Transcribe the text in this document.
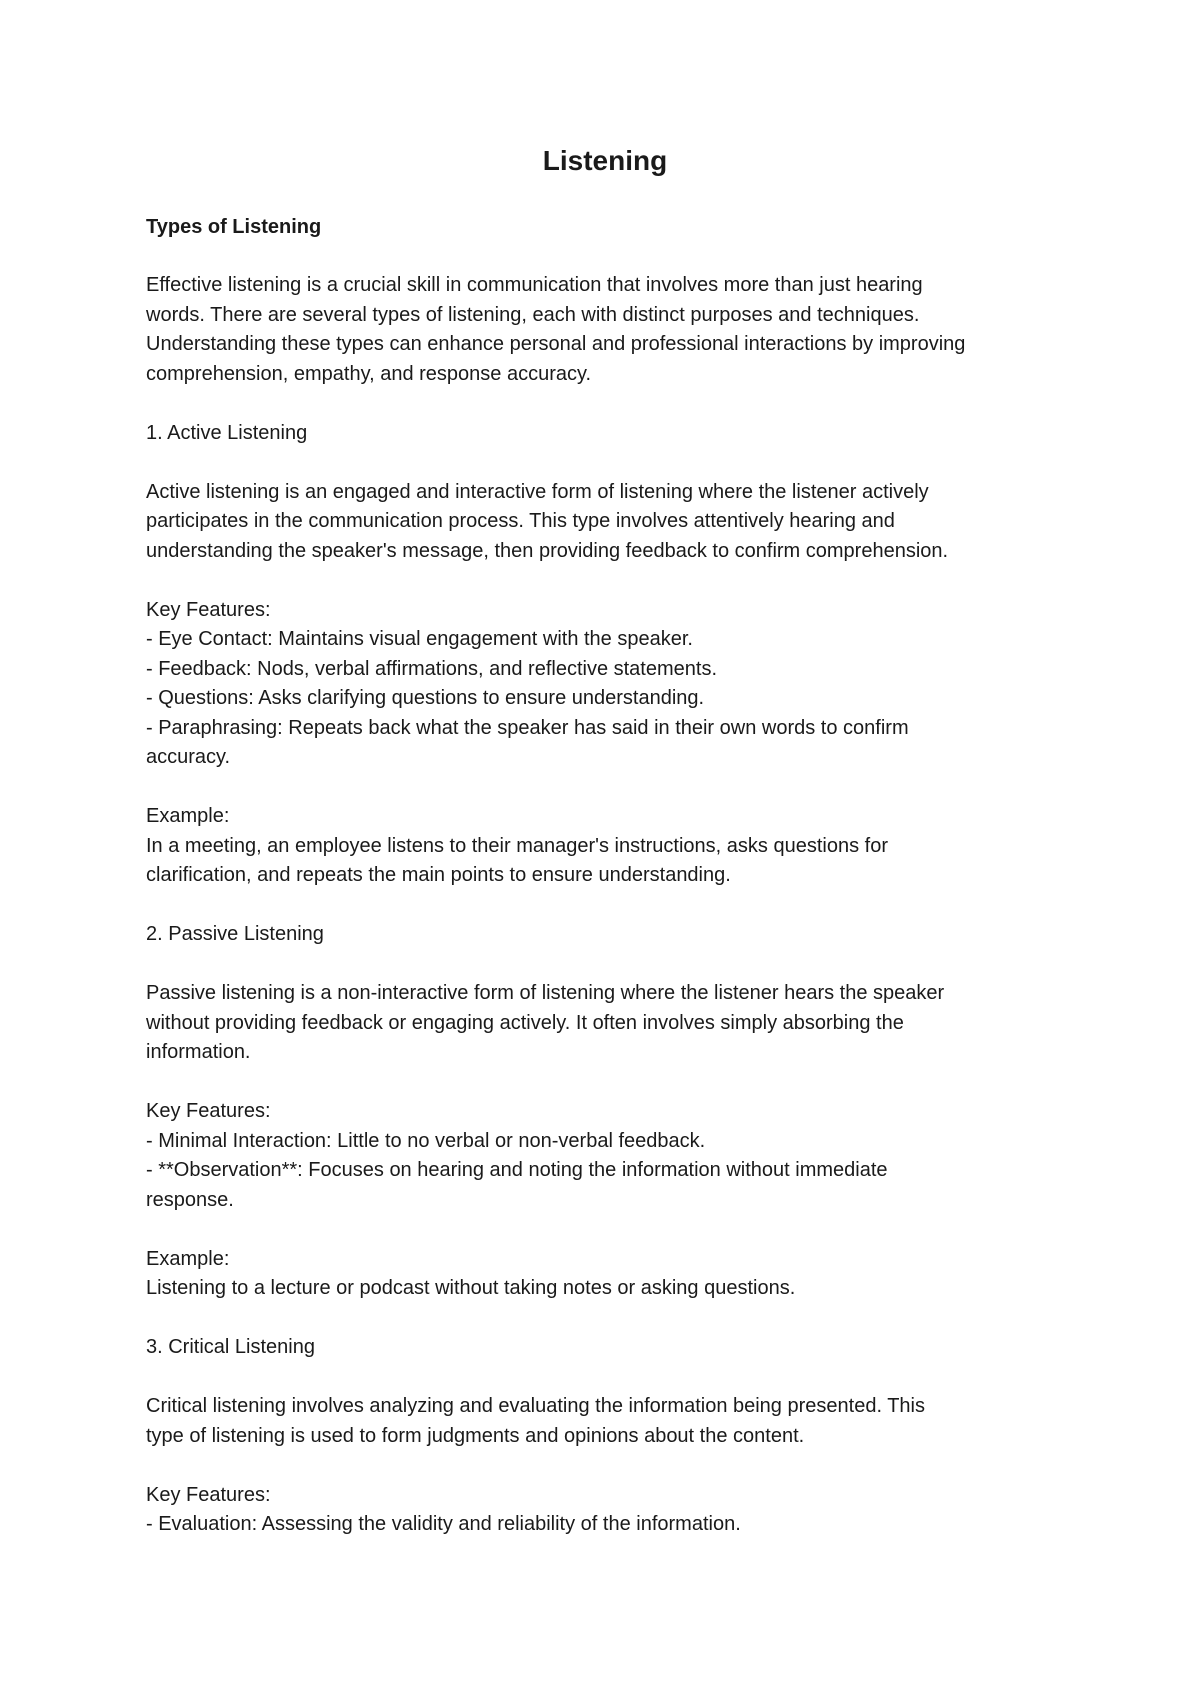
Listening
Types of Listening

Effective listening is a crucial skill in communication that involves more than just hearing
words. There are several types of listening, each with distinct purposes and techniques.
Understanding these types can enhance personal and professional interactions by improving
comprehension, empathy, and response accuracy.

1. Active Listening

Active listening is an engaged and interactive form of listening where the listener actively
participates in the communication process. This type involves attentively hearing and
understanding the speaker's message, then providing feedback to confirm comprehension.

Key Features:
- Eye Contact: Maintains visual engagement with the speaker.
- Feedback: Nods, verbal affirmations, and reflective statements.
- Questions: Asks clarifying questions to ensure understanding.
- Paraphrasing: Repeats back what the speaker has said in their own words to confirm
accuracy.

Example:
In a meeting, an employee listens to their manager's instructions, asks questions for
clarification, and repeats the main points to ensure understanding.

2. Passive Listening

Passive listening is a non-interactive form of listening where the listener hears the speaker
without providing feedback or engaging actively. It often involves simply absorbing the
information.

Key Features:
- Minimal Interaction: Little to no verbal or non-verbal feedback.
- **Observation**: Focuses on hearing and noting the information without immediate
response.

Example:
Listening to a lecture or podcast without taking notes or asking questions.

3. Critical Listening

Critical listening involves analyzing and evaluating the information being presented. This
type of listening is used to form judgments and opinions about the content.

Key Features:
- Evaluation: Assessing the validity and reliability of the information.
